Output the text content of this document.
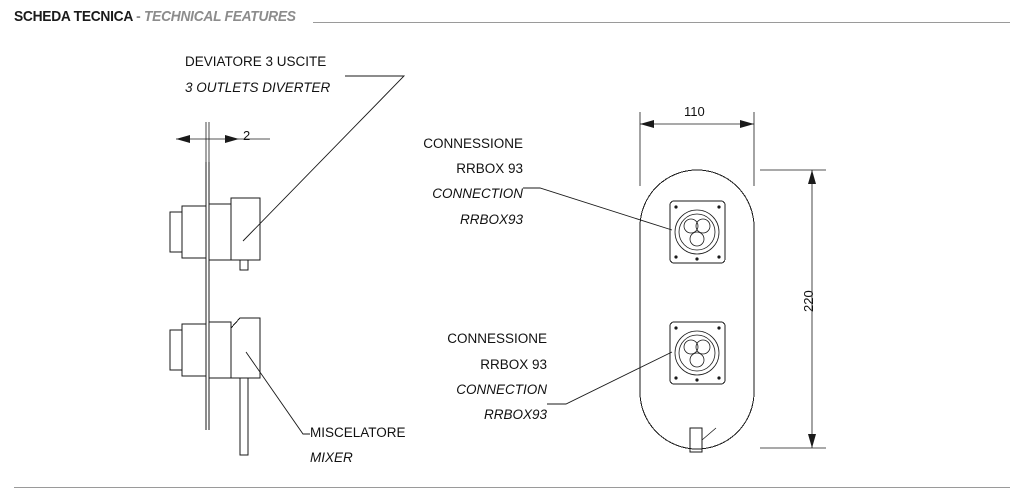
SCHEDA TECNICA - TECHNICAL FEATURES
DEVIATORE 3 USCITE
3 OUTLETS DIVERTER
2
CONNESSIONE
RRBOX 93
CONNECTION
RRBOX93
CONNESSIONE
RRBOX 93
CONNECTION
RRBOX93
MISCELATORE
MIXER
110
220
